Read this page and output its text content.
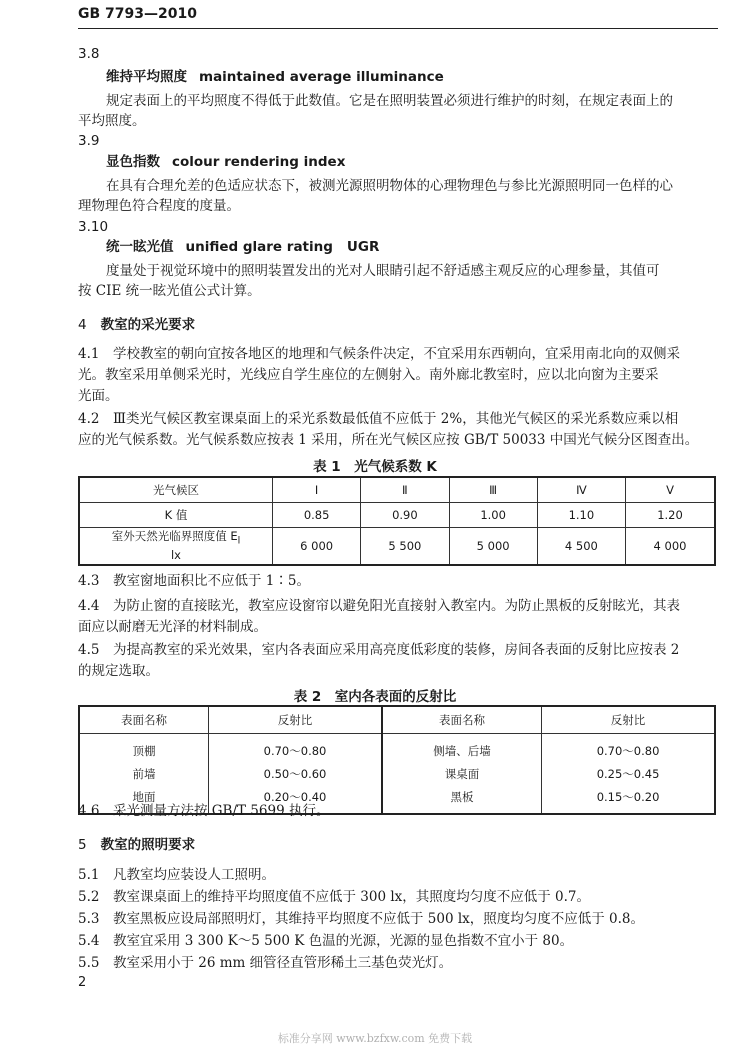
GB 7793—2010
3.8
维持平均照度 maintained average illuminance
规定表面上的平均照度不得低于此数值。它是在照明装置必须进行维护的时刻，在规定表面上的
平均照度。
3.9
显色指数 colour rendering index
在具有合理允差的色适应状态下，被测光源照明物体的心理物理色与参比光源照明同一色样的心
理物理色符合程度的度量。
3.10
统一眩光值 unified glare rating UGR
度量处于视觉环境中的照明装置发出的光对人眼睛引起不舒适感主观反应的心理参量，其值可
按 CIE 统一眩光值公式计算。
4 教室的采光要求
4.1　学校教室的朝向宜按各地区的地理和气候条件决定，不宜采用东西朝向，宜采用南北向的双侧采
光。教室采用单侧采光时，光线应自学生座位的左侧射入。南外廊北教室时，应以北向窗为主要采
光面。
4.2　Ⅲ类光气候区教室课桌面上的采光系数最低值不应低于 2%，其他光气候区的采光系数应乘以相
应的光气候系数。光气候系数应按表 1 采用，所在光气候区应按 GB/T 50033 中国光气候分区图查出。
表 1　光气候系数 K
光气候区	Ⅰ	Ⅱ	Ⅲ	Ⅳ	Ⅴ
K 值	0.85	0.90	1.00	1.10	1.20
室外天然光临界照度值 $E_l$
lx	6 000	5 500	5 000	4 500	4 000
4.3　教室窗地面积比不应低于 1∶5。
4.4　为防止窗的直接眩光，教室应设窗帘以避免阳光直接射入教室内。为防止黑板的反射眩光，其表
面应以耐磨无光泽的材料制成。
4.5　为提高教室的采光效果，室内各表面应采用高亮度低彩度的装修，房间各表面的反射比应按表 2
的规定选取。
表 2　室内各表面的反射比
表面名称	反射比	表面名称	反射比
顶棚	0.70～0.80	侧墙、后墙	0.70～0.80
前墙	0.50～0.60	课桌面	0.25～0.45
地面	0.20～0.40	黑板	0.15～0.20
4.6　采光测量方法按 GB/T 5699 执行。
5 教室的照明要求
5.1　凡教室均应装设人工照明。
5.2　教室课桌面上的维持平均照度值不应低于 300 lx，其照度均匀度不应低于 0.7。
5.3　教室黑板应设局部照明灯，其维持平均照度不应低于 500 lx，照度均匀度不应低于 0.8。
5.4　教室宜采用 3 300 K～5 500 K 色温的光源，光源的显色指数不宜小于 80。
5.5　教室采用小于 26 mm 细管径直管形稀土三基色荧光灯。
2
标准分享网 www.bzfxw.com 免费下载
